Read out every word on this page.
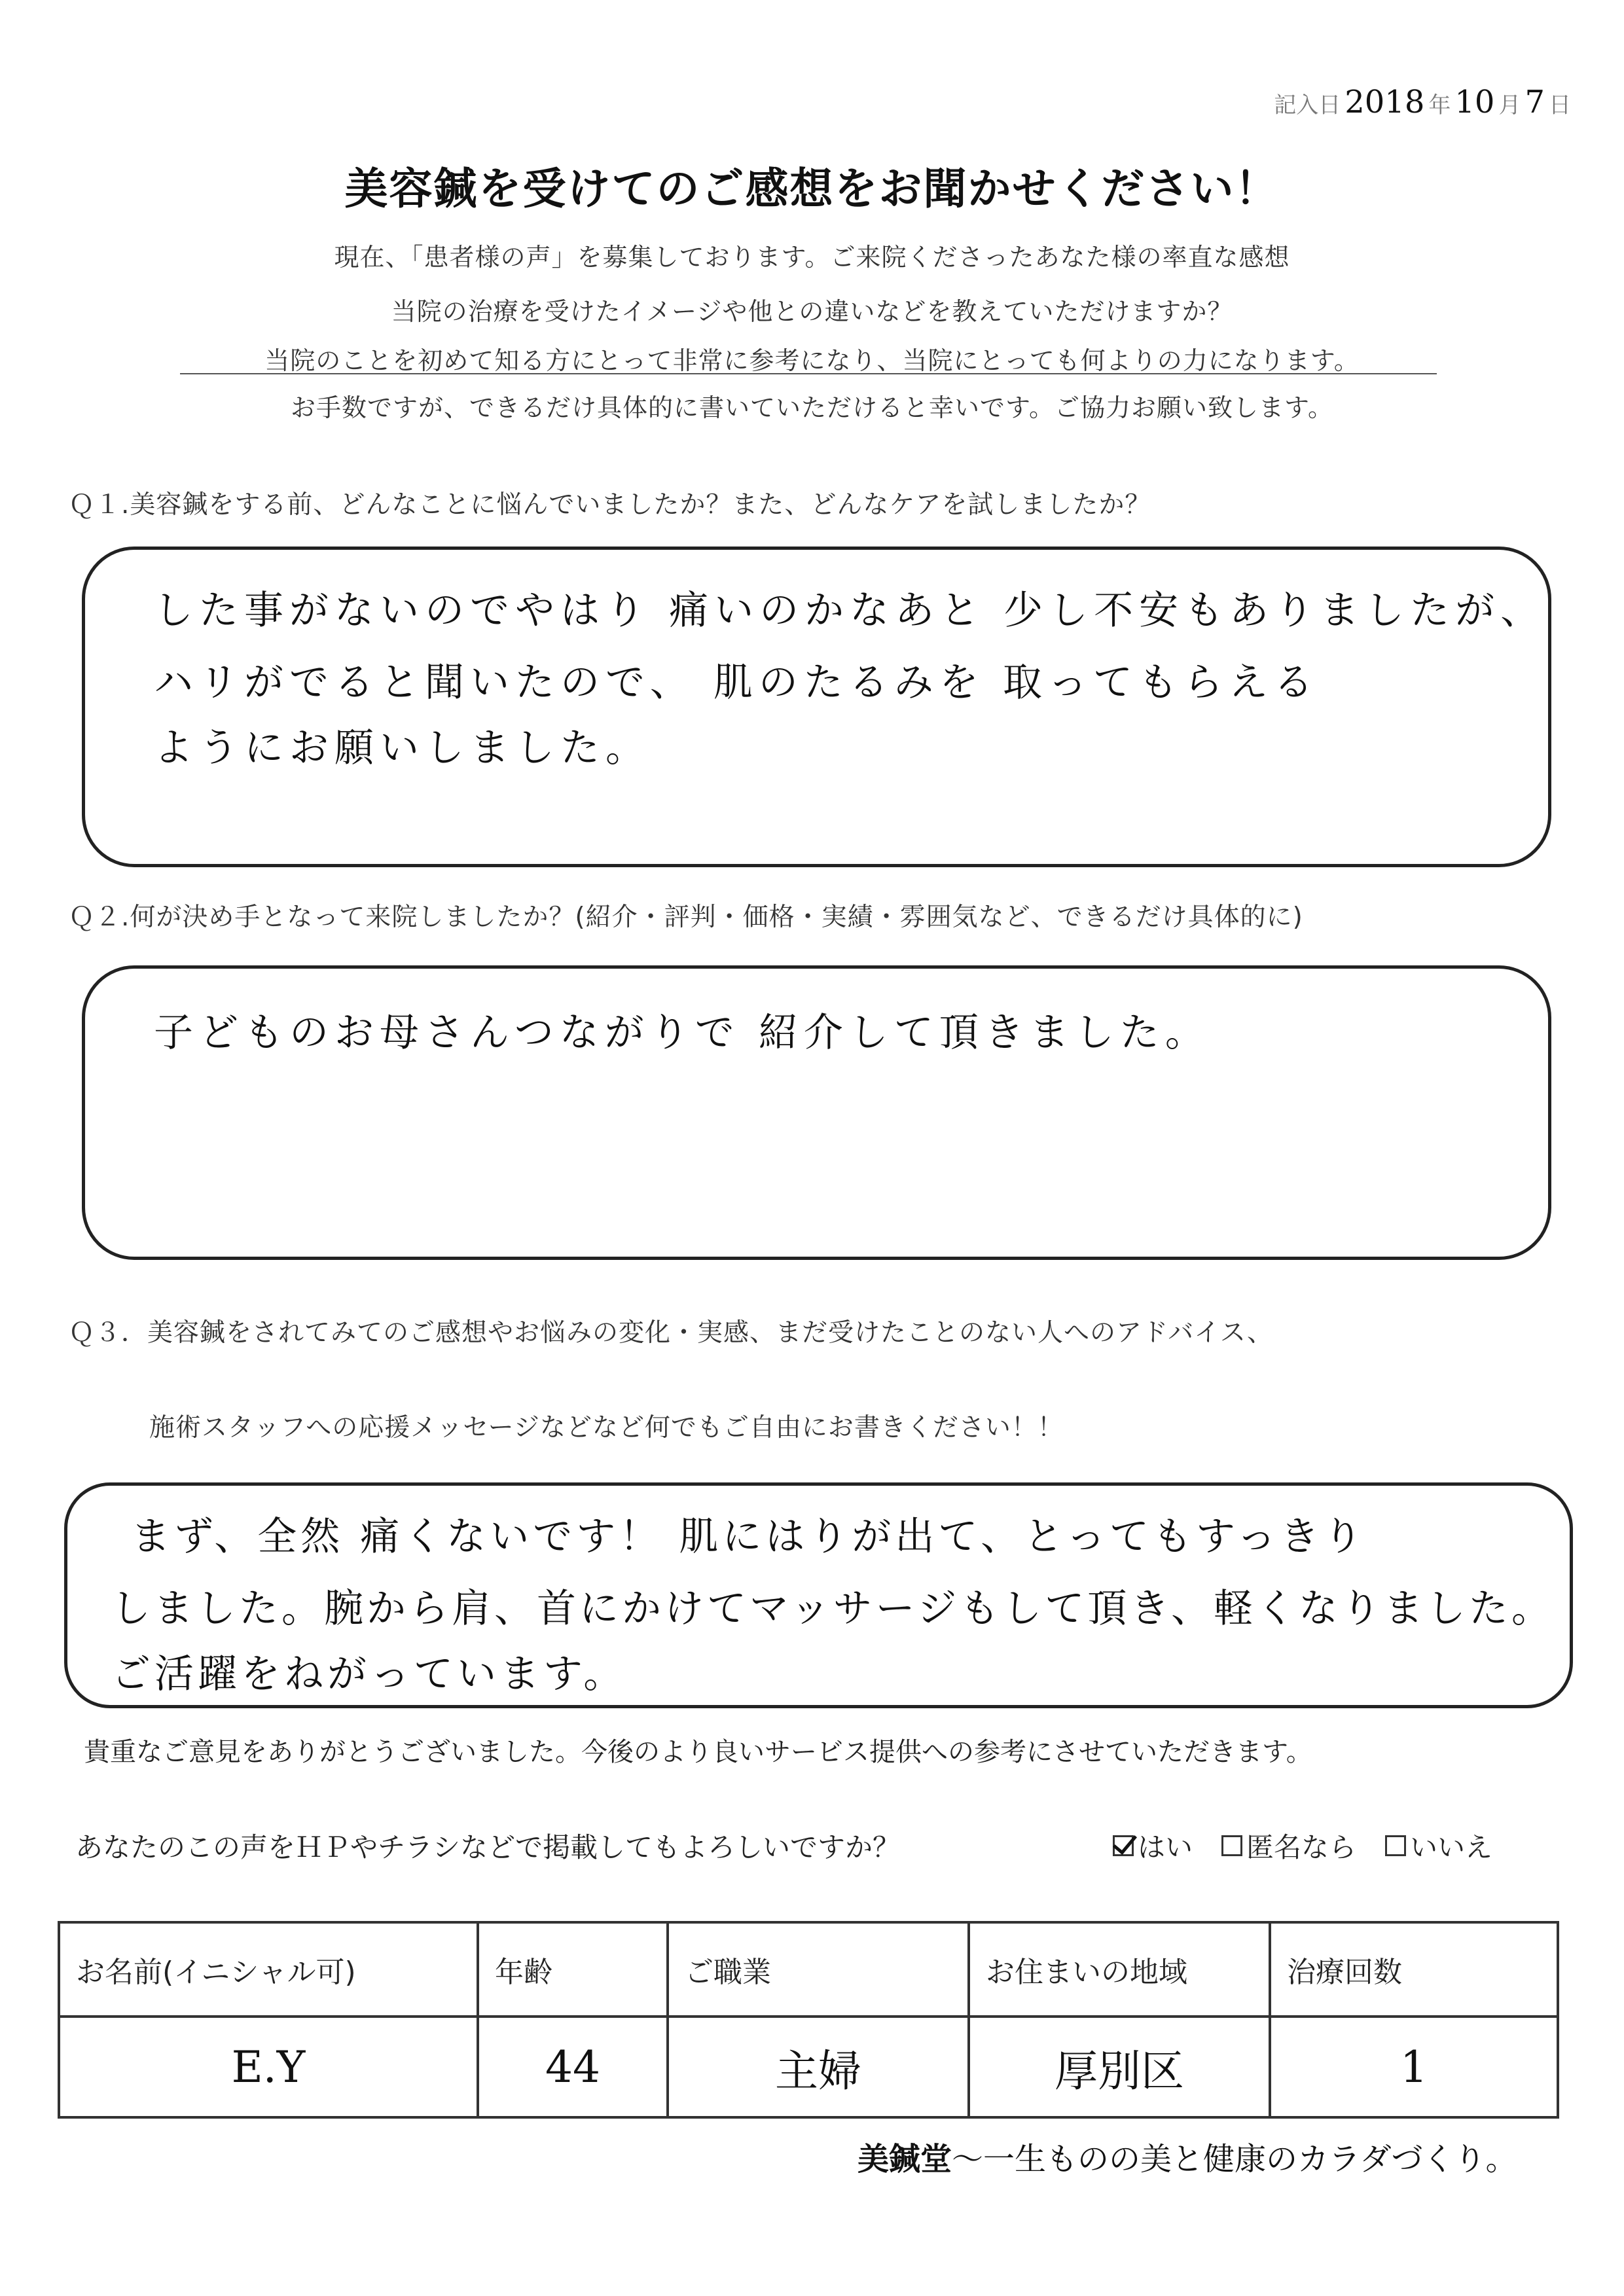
記入日 2018 年 10 月 7 日
美容鍼を受けてのご感想をお聞かせください！
現在、「患者様の声」を募集しております。ご来院くださったあなた様の率直な感想
当院の治療を受けたイメージや他との違いなどを教えていただけますか？
当院のことを初めて知る方にとって非常に参考になり、当院にとっても何よりの力になります。
お手数ですが、できるだけ具体的に書いていただけると幸いです。ご協力お願い致します。
Ｑ１.美容鍼をする前、どんなことに悩んでいましたか？また、どんなケアを試しましたか？
した事がないのでやはり 痛いのかなあと 少し不安もありましたが、
ハリがでると聞いたので、 肌のたるみを 取ってもらえる
ようにお願いしました。
Ｑ２.何が決め手となって来院しましたか？(紹介・評判・価格・実績・雰囲気など、できるだけ具体的に)
子どものお母さんつながりで 紹介して頂きました。
Ｑ３．美容鍼をされてみてのご感想やお悩みの変化・実感、まだ受けたことのない人へのアドバイス、
施術スタッフへの応援メッセージなどなど何でもご自由にお書きください！！
まず、全然 痛くないです！ 肌にはりが出て、とってもすっきり
しました。腕から肩、首にかけてマッサージもして頂き、軽くなりました。
ご活躍をねがっています。
貴重なご意見をありがとうございました。今後のより良いサービス提供への参考にさせていただきます。
あなたのこの声をＨＰやチラシなどで掲載してもよろしいですか？	はい 匿名なら いいえ
お名前(イニシャル可)	年齢	ご職業	お住まいの地域	治療回数
E.Y	44	主婦	厚別区	1
美鍼堂～一生ものの美と健康のカラダづくり。
